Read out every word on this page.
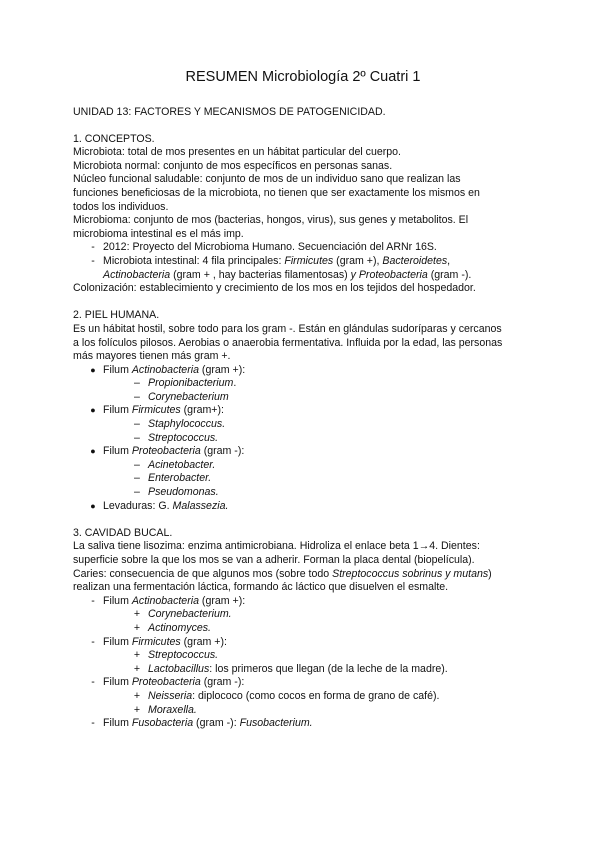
RESUMEN Microbiología 2º Cuatri 1
UNIDAD 13: FACTORES Y MECANISMOS DE PATOGENICIDAD.
1. CONCEPTOS.
Microbiota: total de mos presentes en un hábitat particular del cuerpo.
Microbiota normal: conjunto de mos específicos en personas sanas.
Núcleo funcional saludable: conjunto de mos de un individuo sano que realizan las
funciones beneficiosas de la microbiota, no tienen que ser exactamente los mismos en
todos los individuos.
Microbioma: conjunto de mos (bacterias, hongos, virus), sus genes y metabolitos. El
microbioma intestinal es el más imp.
- 2012: Proyecto del Microbioma Humano. Secuenciación del ARNr 16S.
- Microbiota intestinal: 4 fila principales: Firmicutes (gram +), Bacteroidetes,
Actinobacteria (gram + , hay bacterias filamentosas) y Proteobacteria (gram -).
Colonización: establecimiento y crecimiento de los mos en los tejidos del hospedador.
2. PIEL HUMANA.
Es un hábitat hostil, sobre todo para los gram -. Están en glándulas sudoríparas y cercanos
a los folículos pilosos. Aerobias o anaerobia fermentativa. Influida por la edad, las personas
más mayores tienen más gram +.
● Filum Actinobacteria (gram +):
– Propionibacterium.
– Corynebacterium
● Filum Firmicutes (gram+):
– Staphylococcus.
– Streptococcus.
● Filum Proteobacteria (gram -):
– Acinetobacter.
– Enterobacter.
– Pseudomonas.
● Levaduras: G. Malassezia.
3. CAVIDAD BUCAL.
La saliva tiene lisozima: enzima antimicrobiana. Hidroliza el enlace beta 1→4. Dientes:
superficie sobre la que los mos se van a adherir. Forman la placa dental (biopelícula).
Caries: consecuencia de que algunos mos (sobre todo Streptococcus sobrinus y mutans)
realizan una fermentación láctica, formando ác láctico que disuelven el esmalte.
- Filum Actinobacteria (gram +):
+ Corynebacterium.
+ Actinomyces.
- Filum Firmicutes (gram +):
+ Streptococcus.
+ Lactobacillus: los primeros que llegan (de la leche de la madre).
- Filum Proteobacteria (gram -):
+ Neisseria: diplococo (como cocos en forma de grano de café).
+ Moraxella.
- Filum Fusobacteria (gram -): Fusobacterium.
